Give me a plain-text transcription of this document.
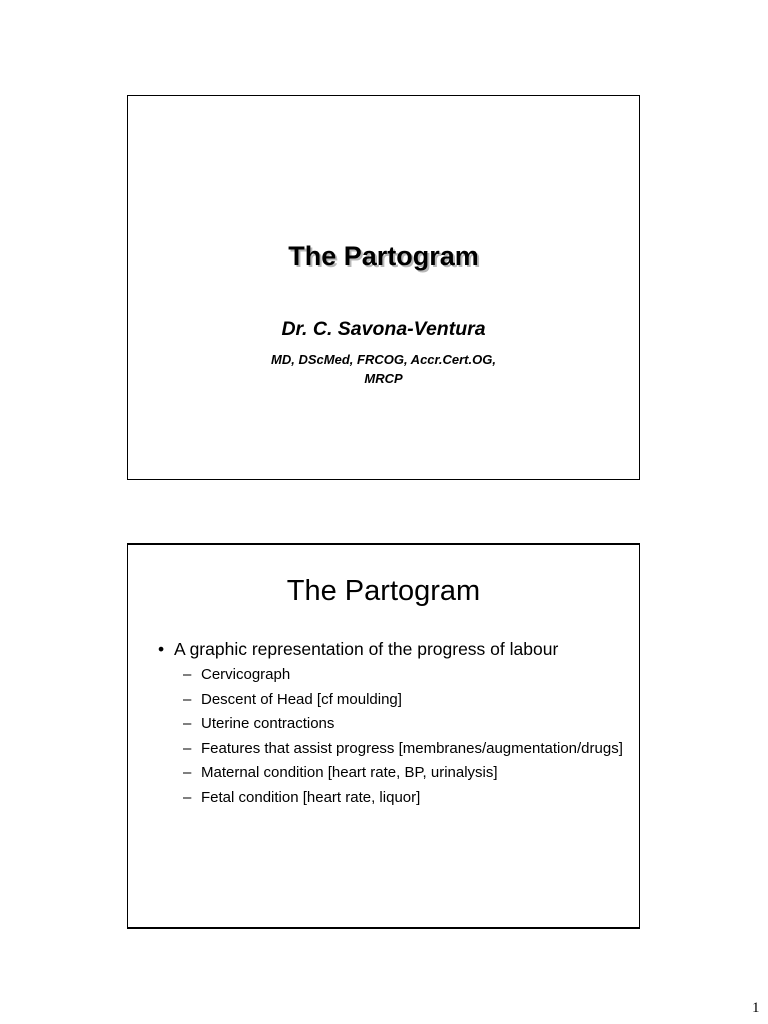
The Partogram
Dr. C. Savona-Ventura
MD, DScMed, FRCOG, Accr.Cert.OG,
MRCP
The Partogram
• A graphic representation of the progress of labour
– Cervicograph
– Descent of Head [cf moulding]
– Uterine contractions
– Features that assist progress [membranes/augmentation/drugs]
– Maternal condition [heart rate, BP, urinalysis]
– Fetal condition [heart rate, liquor]
1
